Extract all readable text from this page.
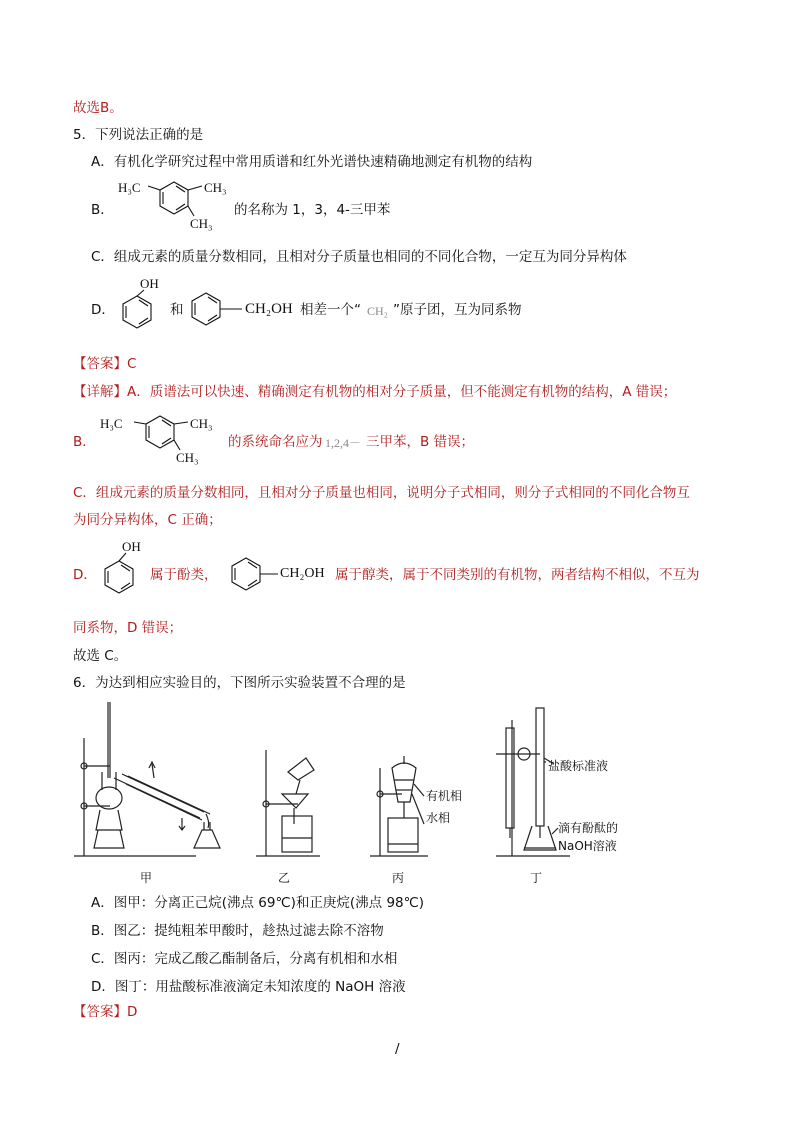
故选B。
5．下列说法正确的是
A．有机化学研究过程中常用质谱和红外光谱快速精确地测定有机物的结构
B．
H₃C	CH₃
CH₃
的名称为 1，3，4-三甲苯
C．组成元素的质量分数相同，且相对分子质量也相同的不同化合物，一定互为同分异构体
D．
OH
和	CH₂OH 相差一个“ CH₂ ”原子团，互为同系物
【答案】C
【详解】A．质谱法可以快速、精确测定有机物的相对分子质量，但不能测定有机物的结构，A 错误；
B．
H₃C	CH₃
CH₃
的系统命名应为 1,2,4－ 三甲苯，B 错误；
C．组成元素的质量分数相同，且相对分子质量也相同，说明分子式相同，则分子式相同的不同化合物互
为同分异构体，C 正确；
D．
OH
属于酚类，	CH₂OH 属于醇类，属于不同类别的有机物，两者结构不相似，不互为
同系物，D 错误；
故选 C。
6．为达到相应实验目的，下图所示实验装置不合理的是
有机相
水相
盐酸标准液
滴有酚酞的
NaOH溶液
甲	乙	丙	丁
A．图甲：分离正己烷(沸点 69℃)和正庚烷(沸点 98℃)
B．图乙：提纯粗苯甲酸时，趁热过滤去除不溶物
C．图丙：完成乙酸乙酯制备后，分离有机相和水相
D．图丁：用盐酸标准液滴定未知浓度的 NaOH 溶液
【答案】D
/
